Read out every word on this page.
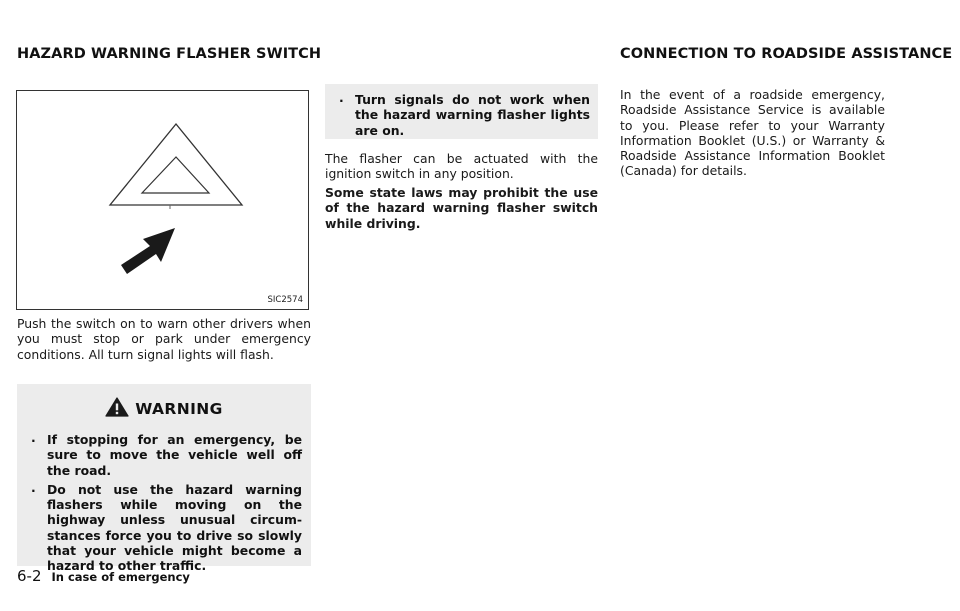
HAZARD WARNING FLASHER SWITCH	CONNECTION TO ROADSIDE ASSISTANCE
SIC2574

Push the switch on to warn other drivers when you must stop or park under emergency conditions. All turn signal lights will flash.

WARNING
. If stopping for an emergency, be sure to move the vehicle well off the road.
. Do not use the hazard warning flashers while moving on the highway unless unusual circum-stances force you to drive so slowly that your vehicle might become a hazard to other traffic.
. Turn signals do not work when the hazard warning flasher lights are on.

The flasher can be actuated with the ignition switch in any position.

Some state laws may prohibit the use of the hazard warning flasher switch while driving.

In the event of a roadside emergency, Roadside Assistance Service is available to you. Please refer to your Warranty Information Booklet (U.S.) or Warranty & Roadside Assistance Information Booklet (Canada) for details.

6-2 In case of emergency
